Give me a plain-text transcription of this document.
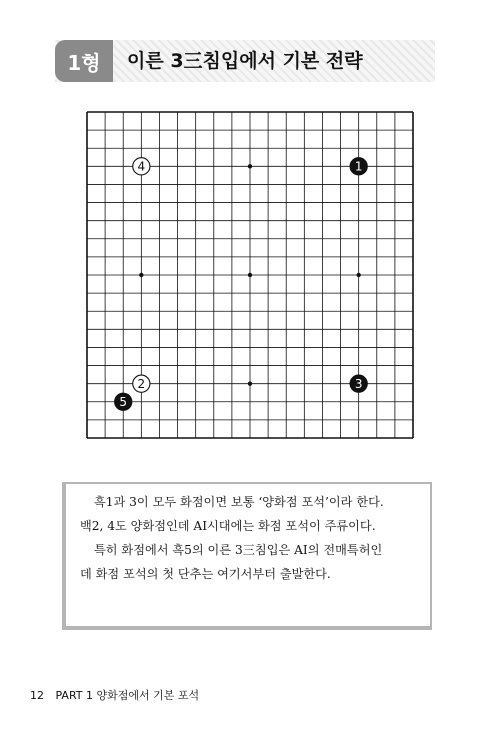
1형	이른 3三침입에서 기본 전략
1
2	3
4
5

흑1과 3이 모두 화점이면 보통 ‘양화점 포석’이라 한다.

백2, 4도 양화점인데 AI시대에는 화점 포석이 주류이다.

특히 화점에서 흑5의 이른 3三침입은 AI의 전매특허인

데 화점 포석의 첫 단추는 여기서부터 출발한다.

12 PART 1 양화점에서 기본 포석
